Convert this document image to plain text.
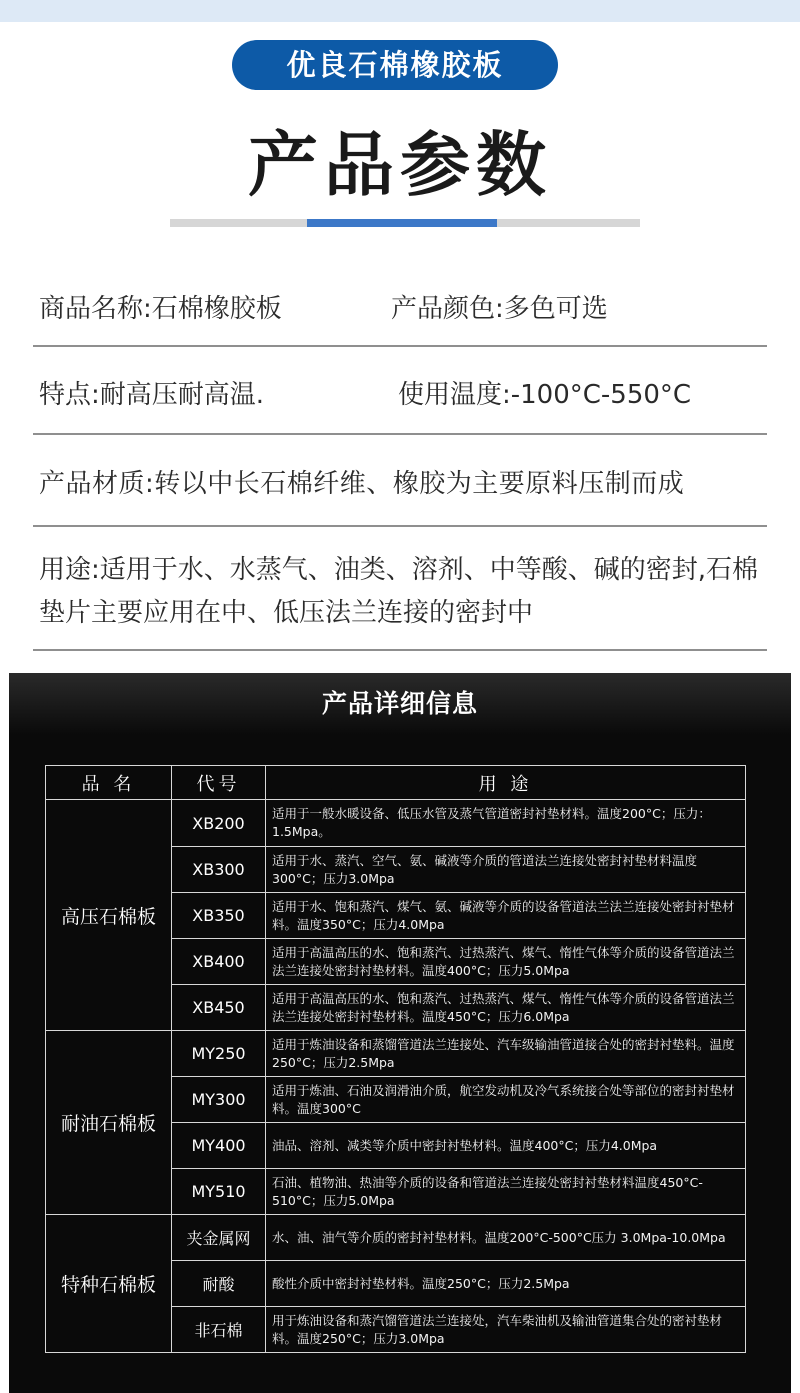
优良石棉橡胶板
产品参数
商品名称:石棉橡胶板	产品颜色:多色可选
特点:耐高压耐高温.	使用温度:-100°C-550°C
产品材质:转以中长石棉纤维、橡胶为主要原料压制而成
用途:适用于水、水蒸气、油类、溶剂、中等酸、碱的密封,石棉垫片主要应用在中、低压法兰连接的密封中
产品详细信息
品 名	代号	用 途
高压石棉板	XB200	适用于一般水暖设备、低压水管及蒸气管道密封衬垫材料。温度200°C；压力：1.5Mpa。
	XB300	适用于水、蒸汽、空气、氨、碱液等介质的管道法兰连接处密封衬垫材料温度300°C；压力3.0Mpa
	XB350	适用于水、饱和蒸汽、煤气、氨、碱液等介质的设备管道法兰法兰连接处密封衬垫材料。温度350°C；压力4.0Mpa
	XB400	适用于高温高压的水、饱和蒸汽、过热蒸汽、煤气、惰性气体等介质的设备管道法兰法兰连接处密封衬垫材料。温度400°C；压力5.0Mpa
	XB450	适用于高温高压的水、饱和蒸汽、过热蒸汽、煤气、惰性气体等介质的设备管道法兰法兰连接处密封衬垫材料。温度450°C；压力6.0Mpa
耐油石棉板	MY250	适用于炼油设备和蒸馏管道法兰连接处、汽车级输油管道接合处的密封衬垫料。温度250°C；压力2.5Mpa
	MY300	适用于炼油、石油及润滑油介质，航空发动机及冷气系统接合处等部位的密封衬垫材料。温度300°C
	MY400	油品、溶剂、减类等介质中密封衬垫材料。温度400°C；压力4.0Mpa
	MY510	石油、植物油、热油等介质的设备和管道法兰连接处密封衬垫材料温度450°C-510°C；压力5.0Mpa
特种石棉板	夹金属网	水、油、油气等介质的密封衬垫材料。温度200°C-500°C压力 3.0Mpa-10.0Mpa
	耐酸	酸性介质中密封衬垫材料。温度250°C；压力2.5Mpa
	非石棉	用于炼油设备和蒸汽馏管道法兰连接处，汽车柴油机及输油管道集合处的密衬垫材料。温度250°C；压力3.0Mpa
